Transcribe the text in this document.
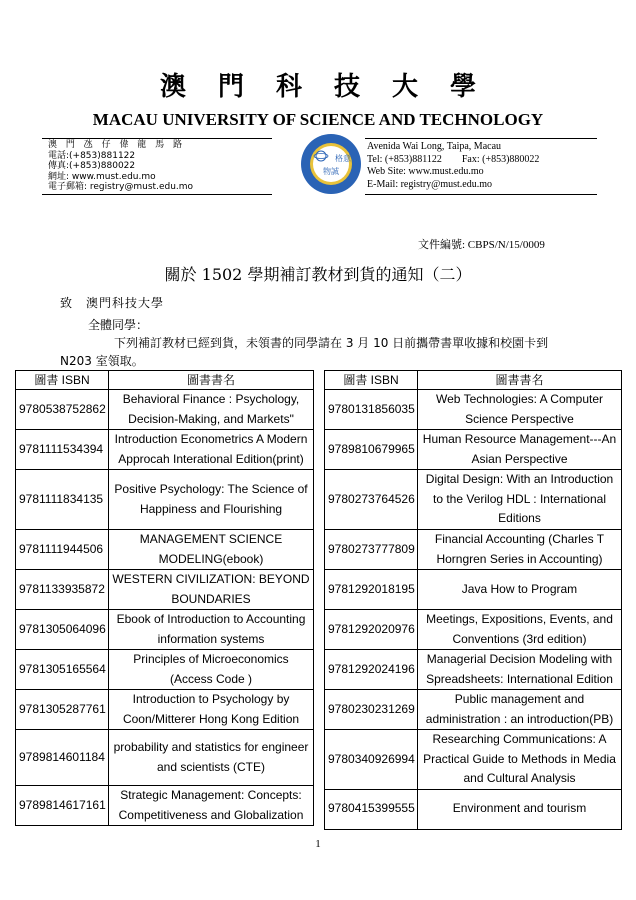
澳門科技大學
MACAU UNIVERSITY OF SCIENCE AND TECHNOLOGY
澳 門 氹 仔 偉 龍 馬 路
電話:(+853)881122
傳真:(+853)880022
網址: www.must.edu.mo
電子郵箱: registry@must.edu.mo
格意
物誠
Avenida Wai Long, Taipa, Macau
Tel: (+853)881122        Fax: (+853)880022
Web Site: www.must.edu.mo
E-Mail: registry@must.edu.mo
文件編號: CBPS/N/15/0009
關於 1502 學期補訂教材到貨的通知（二）
致　澳門科技大學
全體同學：
下列補訂教材已經到貨，未領書的同學請在 3 月 10 日前攜帶書單收據和校園卡到
N203 室領取。
圖書 ISBN	圖書書名
9780538752862	Behavioral Finance : Psychology, Decision-Making, and Markets"
9781111534394	Introduction Econometrics A Modern Approcah Interational Edition(print)
9781111834135	Positive Psychology: The Science of Happiness and Flourishing
9781111944506	MANAGEMENT SCIENCE MODELING(ebook)
9781133935872	WESTERN CIVILIZATION: BEYOND BOUNDARIES
9781305064096	Ebook of Introduction to Accounting information systems
9781305165564	Principles of Microeconomics (Access Code )
9781305287761	Introduction to Psychology by Coon/Mitterer Hong Kong Edition
9789814601184	probability and statistics for engineer and scientists (CTE)
9789814617161	Strategic Management: Concepts: Competitiveness and Globalization
圖書 ISBN	圖書書名
9780131856035	Web Technologies: A Computer Science Perspective
9789810679965	Human Resource Management---An Asian Perspective
9780273764526	Digital Design: With an Introduction to the Verilog HDL : International Editions
9780273777809	Financial Accounting (Charles T Horngren Series in Accounting)
9781292018195	Java How to Program
9781292020976	Meetings, Expositions, Events, and Conventions (3rd edition)
9781292024196	Managerial Decision Modeling with Spreadsheets: International Edition
9780230231269	Public management and administration : an introduction(PB)
9780340926994	Researching Communications: A Practical Guide to Methods in Media and Cultural Analysis
9780415399555	Environment and tourism
1
